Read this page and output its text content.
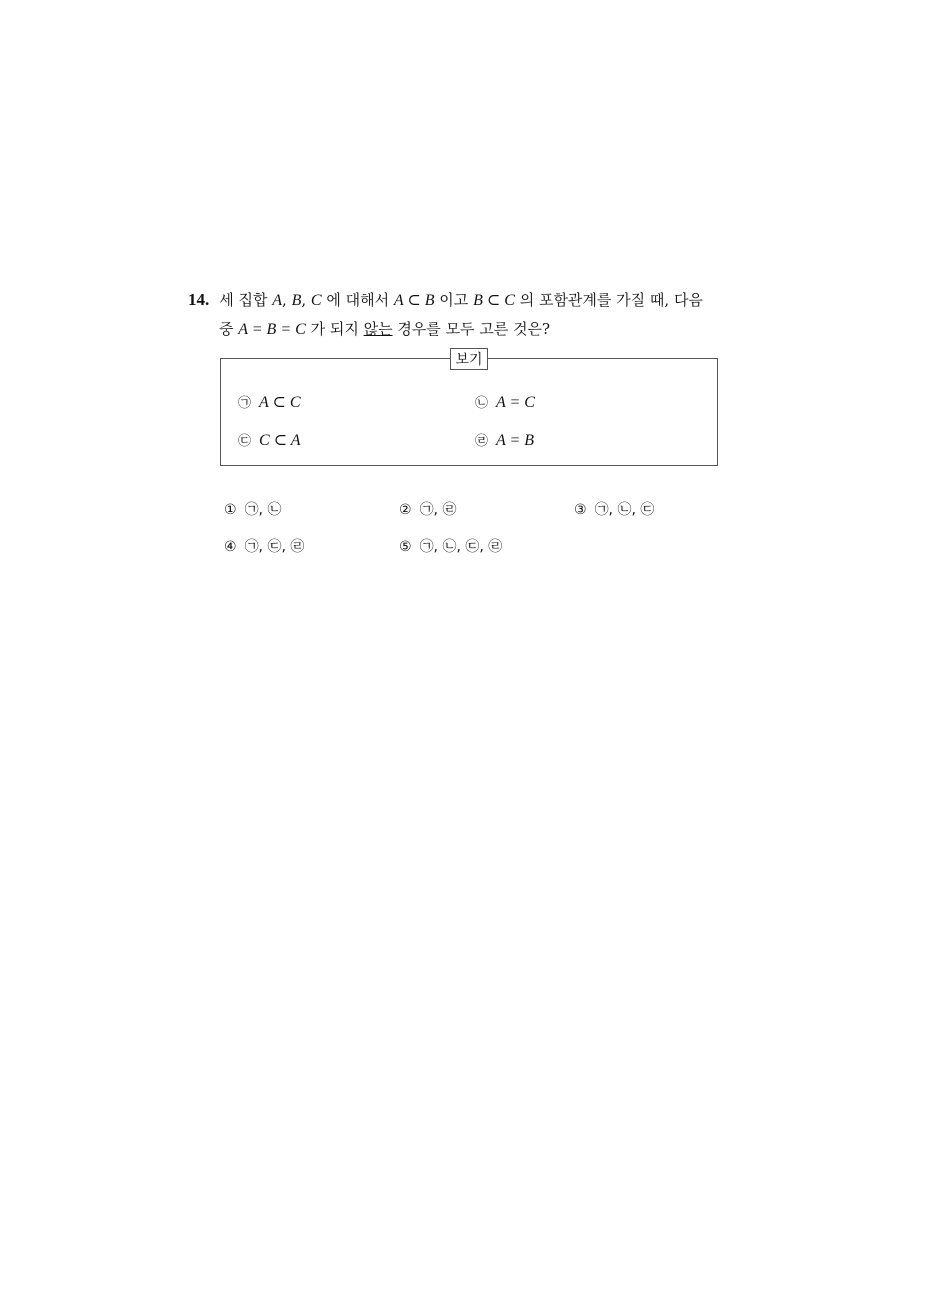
14. 세 집합 A, B, C 에 대해서 A ⊂ B 이고 B ⊂ C 의 포함관계를 가질 때, 다음
중 A = B = C 가 되지 않는 경우를 모두 고른 것은?
보기
㉠ A ⊂ C	㉡ A = C
㉢ C ⊂ A	㉣ A = B
① ㉠, ㉡	② ㉠, ㉣	③ ㉠, ㉡, ㉢
④ ㉠, ㉢, ㉣	⑤ ㉠, ㉡, ㉢, ㉣
